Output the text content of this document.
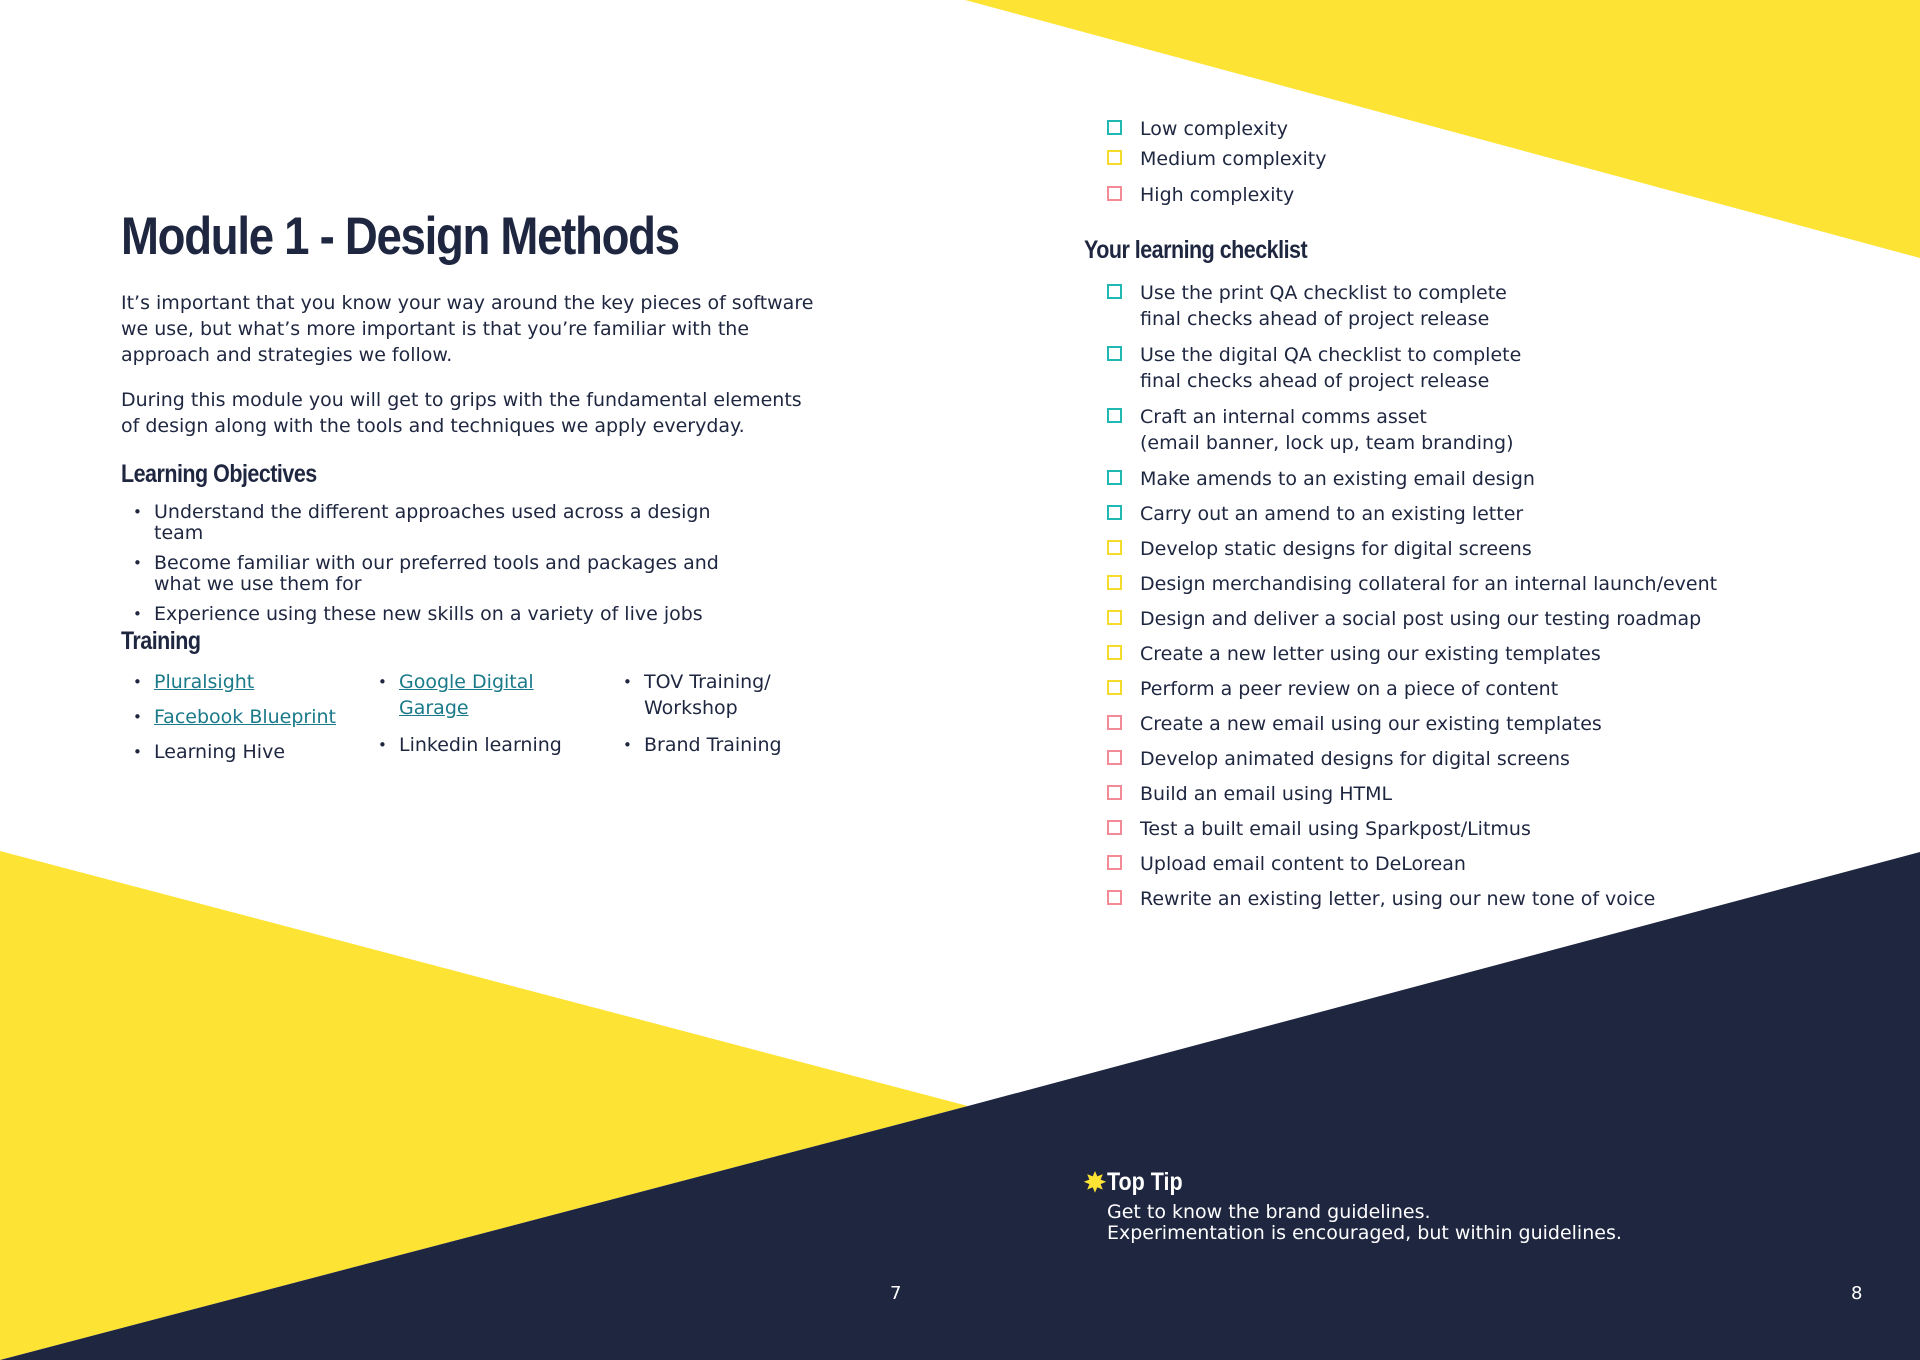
Module 1 - Design Methods

It’s important that you know your way around the key pieces of software we use, but what’s more important is that you’re familiar with the approach and strategies we follow.

During this module you will get to grips with the fundamental elements of design along with the tools and techniques we apply everyday.

Learning Objectives
• Understand the different approaches used across a design team
• Become familiar with our preferred tools and packages and what we use them for
• Experience using these new skills on a variety of live jobs
Training
• Pluralsight
• Facebook Blueprint
• Learning Hive
• Google Digital Garage
• Linkedin learning
• TOV Training/ Workshop
• Brand Training
7
Low complexity
Medium complexity
High complexity
Your learning checklist
Use the print QA checklist to complete
final checks ahead of project release
Use the digital QA checklist to complete
final checks ahead of project release
Craft an internal comms asset
(email banner, lock up, team branding)
Make amends to an existing email design
Carry out an amend to an existing letter
Develop static designs for digital screens
Design merchandising collateral for an internal launch/event
Design and deliver a social post using our testing roadmap
Create a new letter using our existing templates
Perform a peer review on a piece of content
Create a new email using our existing templates
Develop animated designs for digital screens
Build an email using HTML
Test a built email using Sparkpost/Litmus
Upload email content to DeLorean
Rewrite an existing letter, using our new tone of voice
Top Tip
Get to know the brand guidelines.
Experimentation is encouraged, but within guidelines.
8
